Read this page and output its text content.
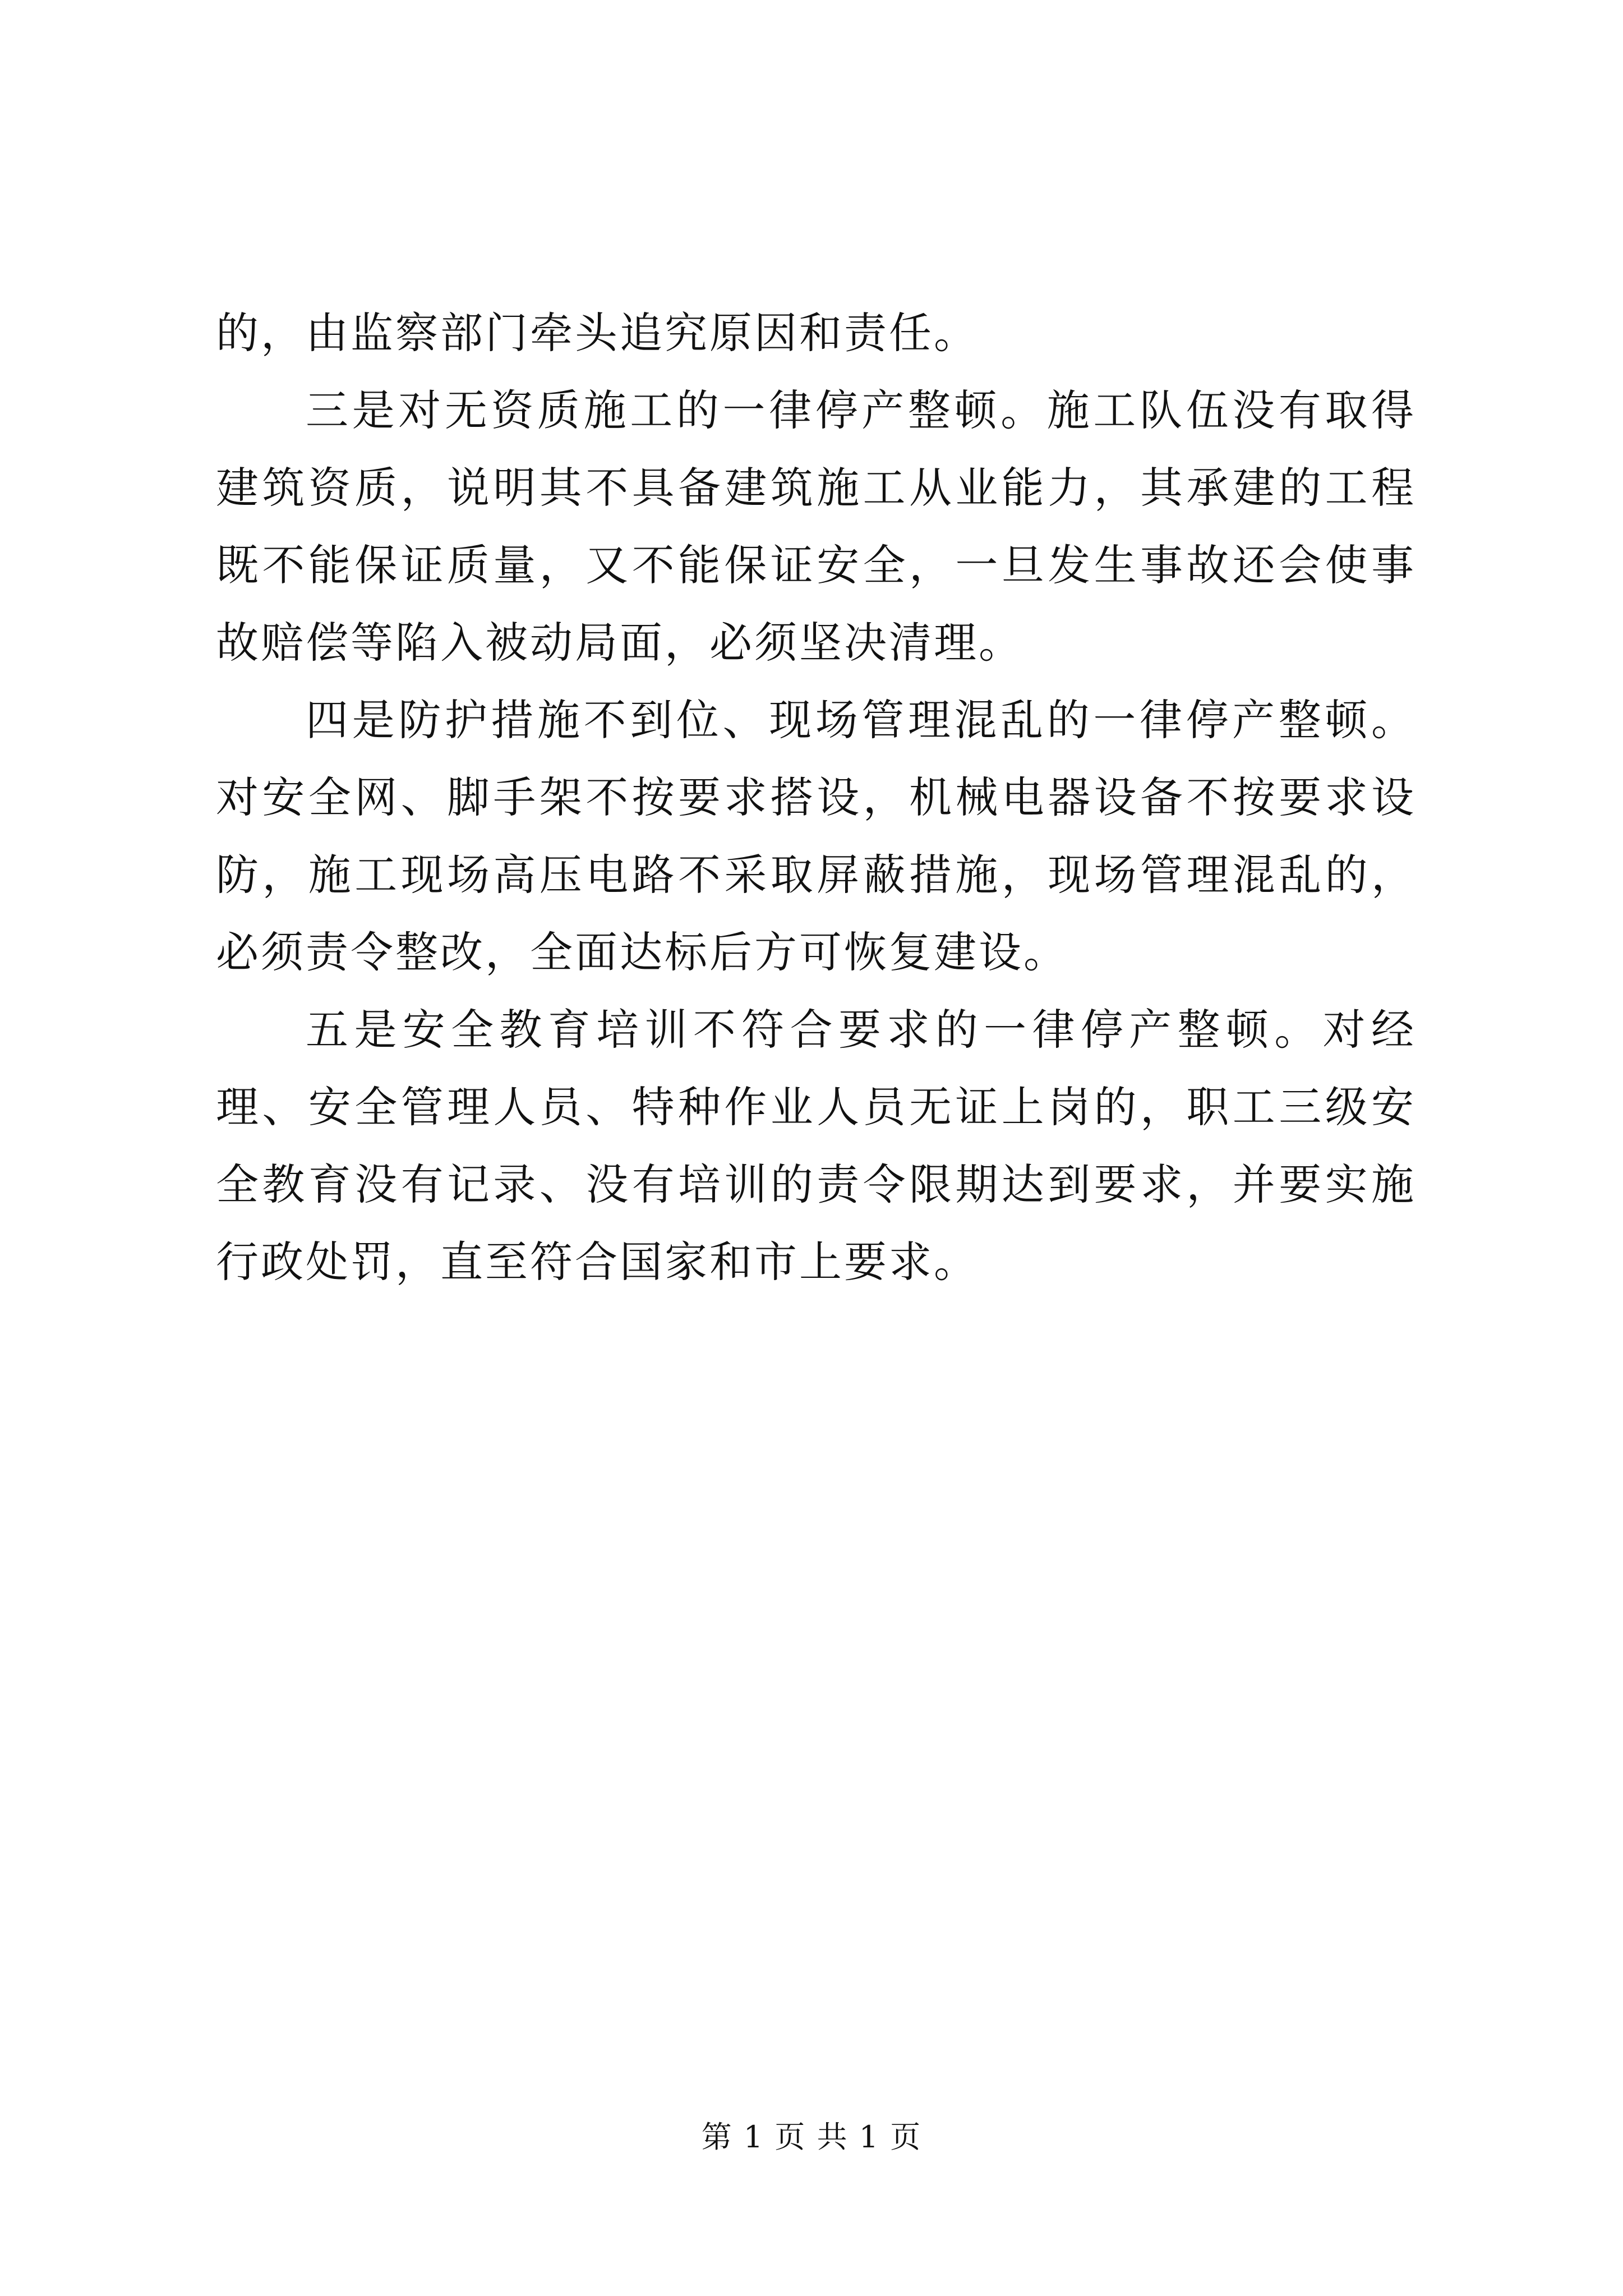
的，由监察部门牵头追究原因和责任。

三是对无资质施工的一律停产整顿。施工队伍没有取得建筑资质，说明其不具备建筑施工从业能力，其承建的工程既不能保证质量，又不能保证安全，一旦发生事故还会使事故赔偿等陷入被动局面，必须坚决清理。

四是防护措施不到位、现场管理混乱的一律停产整顿。对安全网、脚手架不按要求搭设，机械电器设备不按要求设防，施工现场高压电路不采取屏蔽措施，现场管理混乱的，必须责令整改，全面达标后方可恢复建设。

五是安全教育培训不符合要求的一律停产整顿。对经理、安全管理人员、特种作业人员无证上岗的，职工三级安全教育没有记录、没有培训的责令限期达到要求，并要实施行政处罚，直至符合国家和市上要求。

第 1 页 共 1 页
